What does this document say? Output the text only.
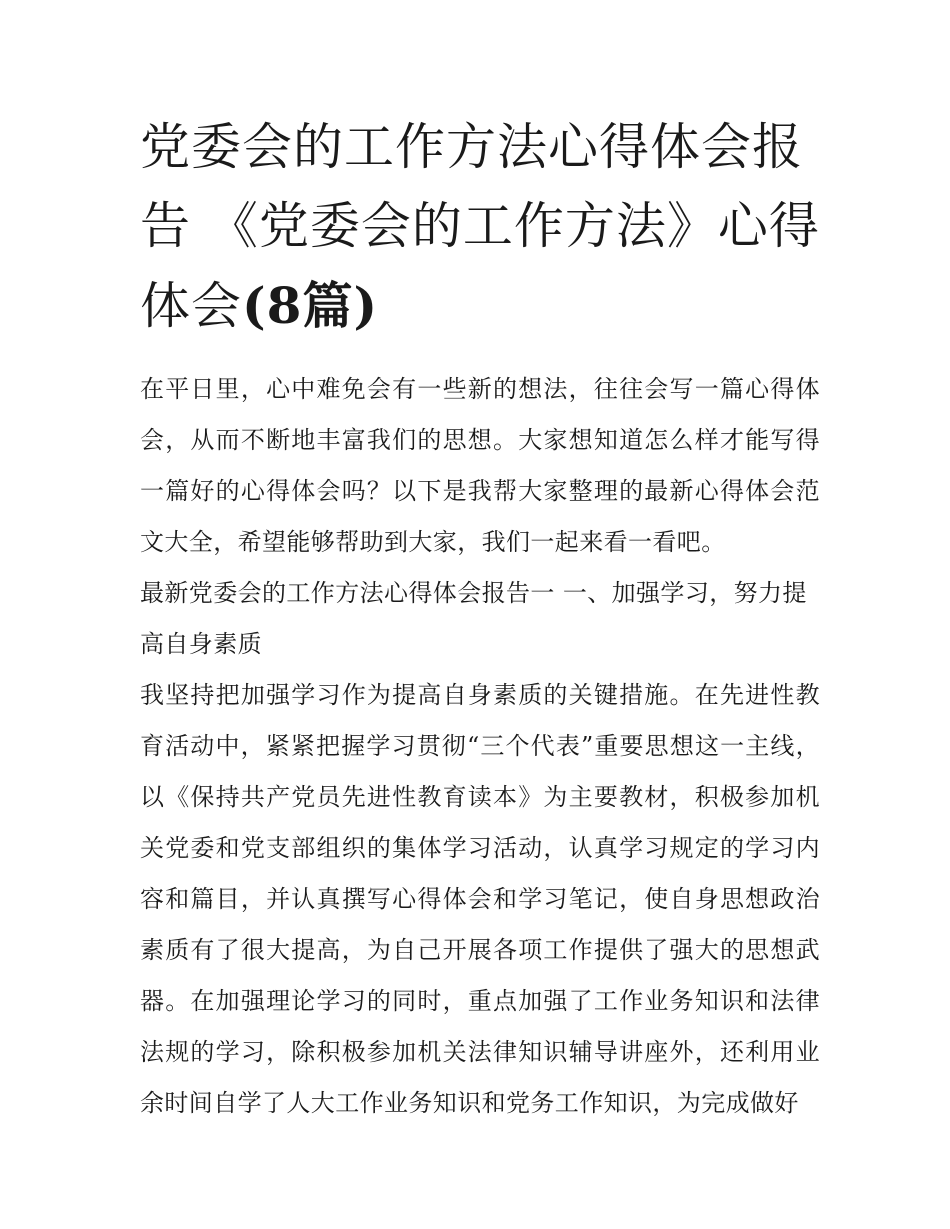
党委会的工作方法心得体会报告 《党委会的工作方法》心得体会(8篇)

在平日里，心中难免会有一些新的想法，往往会写一篇心得体会，从而不断地丰富我们的思想。大家想知道怎么样才能写得一篇好的心得体会吗？以下是我帮大家整理的最新心得体会范文大全，希望能够帮助到大家，我们一起来看一看吧。

最新党委会的工作方法心得体会报告一 一、加强学习，努力提高自身素质

我坚持把加强学习作为提高自身素质的关键措施。在先进性教育活动中，紧紧把握学习贯彻“三个代表”重要思想这一主线，以《保持共产党员先进性教育读本》为主要教材，积极参加机关党委和党支部组织的集体学习活动，认真学习规定的学习内容和篇目，并认真撰写心得体会和学习笔记，使自身思想政治素质有了很大提高，为自己开展各项工作提供了强大的思想武器。在加强理论学习的同时，重点加强了工作业务知识和法律法规的学习，除积极参加机关法律知识辅导讲座外，还利用业余时间自学了人大工作业务知识和党务工作知识，为完成做好
